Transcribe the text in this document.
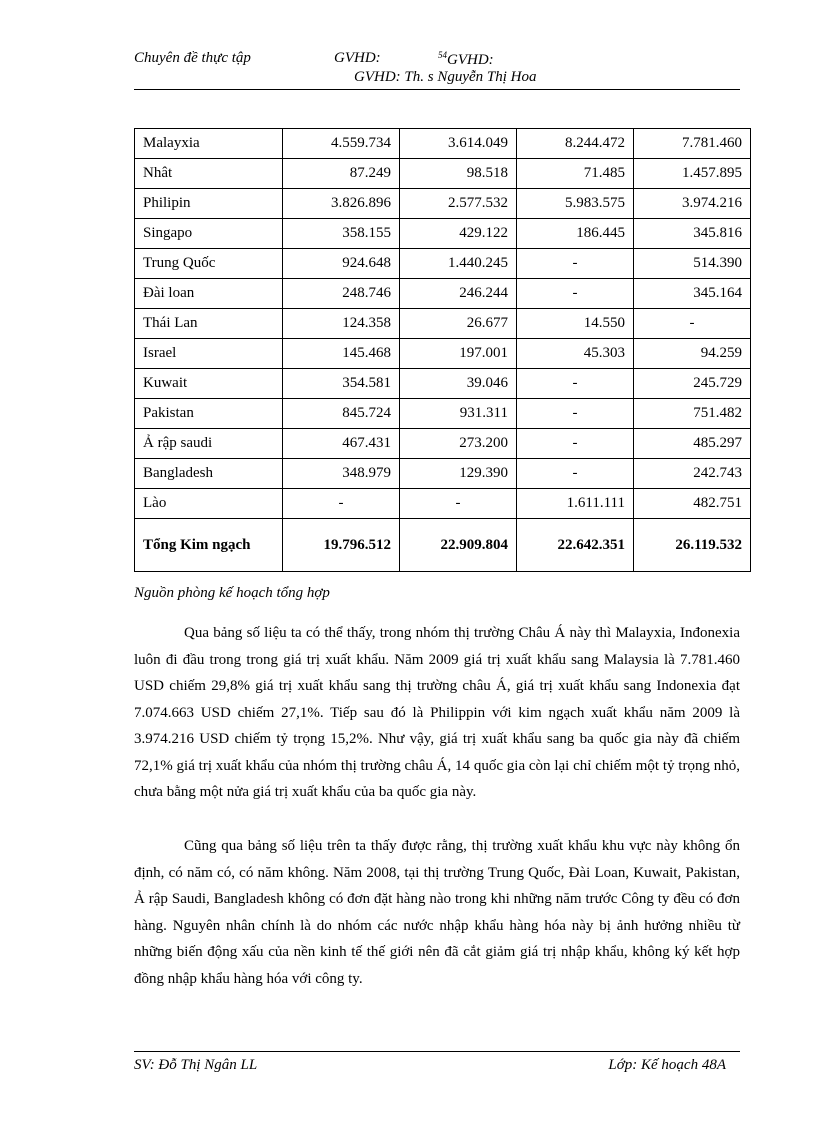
Chuyên đề thực tập	GVHD:	$^{54}$GVHD:
GVHD: Th. s Nguyễn Thị Hoa
Malayxia	4.559.734	3.614.049	8.244.472	7.781.460
Nhât	87.249	98.518	71.485	1.457.895
Philipin	3.826.896	2.577.532	5.983.575	3.974.216
Singapo	358.155	429.122	186.445	345.816
Trung Quốc	924.648	1.440.245	-	514.390
Đài loan	248.746	246.244	-	345.164
Thái Lan	124.358	26.677	14.550	-
Israel	145.468	197.001	45.303	94.259
Kuwait	354.581	39.046	-	245.729
Pakistan	845.724	931.311	-	751.482
Ả rập saudi	467.431	273.200	-	485.297
Bangladesh	348.979	129.390	-	242.743
Lào	-	-	1.611.111	482.751
Tổng Kim ngạch	19.796.512	22.909.804	22.642.351	26.119.532
Nguồn phòng kế hoạch tổng hợp

Qua bảng số liệu ta có thể thấy, trong nhóm thị trường Châu Á này thì Malayxia, Inđonexia luôn đi đầu trong trong giá trị xuất khẩu. Năm 2009 giá trị xuất khẩu sang Malaysia là 7.781.460 USD chiếm 29,8% giá trị xuất khẩu sang thị trường châu Á, giá trị xuất khẩu sang Indonexia đạt 7.074.663 USD chiếm 27,1%. Tiếp sau đó là Philippin với kim ngạch xuất khẩu năm 2009 là 3.974.216 USD chiếm tỷ trọng 15,2%. Như vậy, giá trị xuất khẩu sang ba quốc gia này đã chiếm 72,1% giá trị xuất khẩu của nhóm thị trường châu Á, 14 quốc gia còn lại chỉ chiếm một tỷ trọng nhỏ, chưa bằng một nửa giá trị xuất khẩu của ba quốc gia này.

Cũng qua bảng số liệu trên ta thấy được rằng, thị trường xuất khẩu khu vực này không ổn định, có năm có, có năm không. Năm 2008, tại thị trường Trung Quốc, Đài Loan, Kuwait, Pakistan, Ả rập Saudi, Bangladesh không có đơn đặt hàng nào trong khi những năm trước Công ty đều có đơn hàng. Nguyên nhân chính là do nhóm các nước nhập khẩu hàng hóa này bị ảnh hưởng nhiều từ những biến động xấu của nền kinh tế thế giới nên đã cắt giảm giá trị nhập khẩu, không ký kết hợp đồng nhập khẩu hàng hóa với công ty.

SV: Đỗ Thị Ngân LL	Lớp: Kế hoạch 48A
